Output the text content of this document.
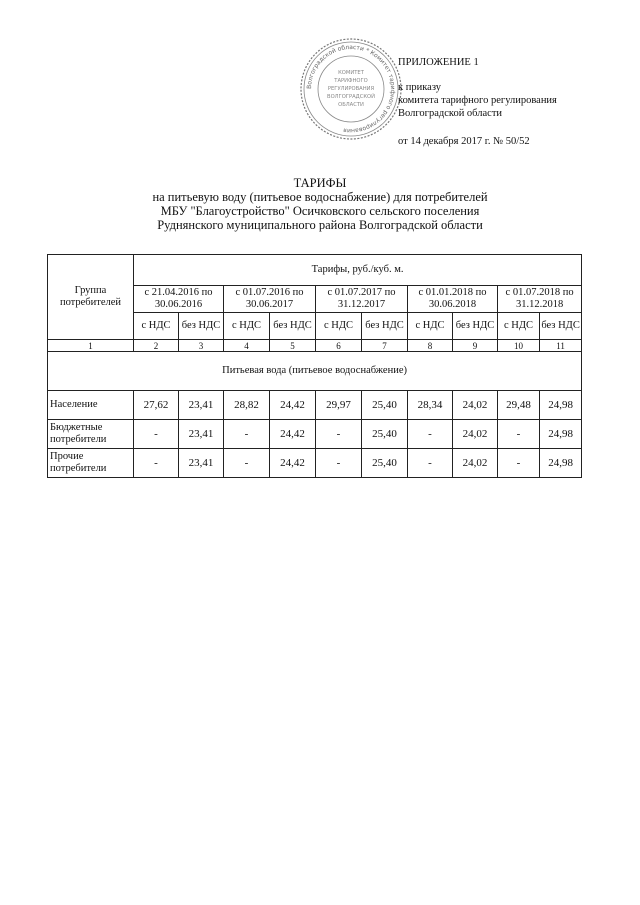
Волгоградской области * Комитет тарифного регулирования
КОМИТЕТ
ТАРИФНОГО
РЕГУЛИРОВАНИЯ
ВОЛГОГРАДСКОЙ
ОБЛАСТИ
ПРИЛОЖЕНИЕ 1
к приказу
комитета тарифного регулирования
Волгоградской области
от 14 декабря 2017 г. № 50/52
ТАРИФЫ
на питьевую воду (питьевое водоснабжение) для потребителей
МБУ "Благоустройство" Осичковского сельского поселения
Руднянского муниципального района Волгоградской области
Группа потребителей	Тарифы, руб./куб. м.									
	с 21.04.2016 по 30.06.2016		с 01.07.2016 по 30.06.2017		с 01.07.2017 по 31.12.2017		с 01.01.2018 по 30.06.2018		с 01.07.2018 по 31.12.2018	
	с НДС	без НДС	с НДС	без НДС	с НДС	без НДС	с НДС	без НДС	с НДС	без НДС
1	2	3	4	5	6	7	8	9	10	11
Питьевая вода (питьевое водоснабжение)										
Население	27,62	23,41	28,82	24,42	29,97	25,40	28,34	24,02	29,48	24,98
Бюджетные потребители	-	23,41	-	24,42	-	25,40	-	24,02	-	24,98
Прочие потребители	-	23,41	-	24,42	-	25,40	-	24,02	-	24,98
